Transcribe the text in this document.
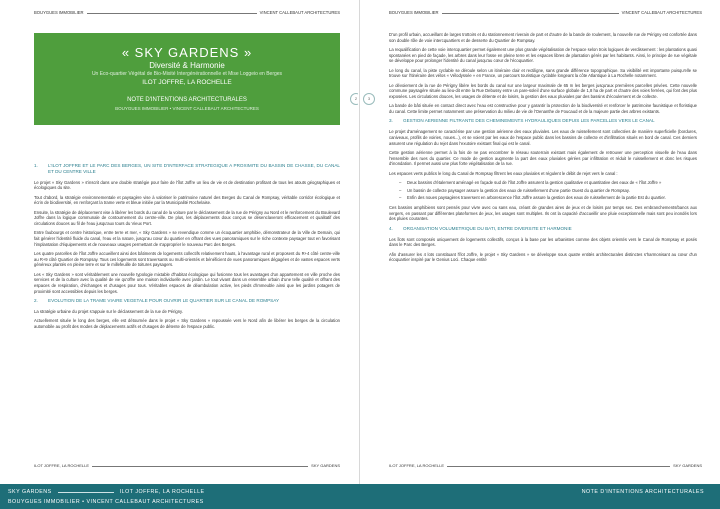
BOUYGUES IMMOBILIER	VINCENT CALLEBAUT ARCHITECTURES
« SKY GARDENS »
Diversité & Harmonie
Un Eco-quartier Végétal de Bio-Mixité Intergénérationnelle et Mise Loggeio en Berges
ILOT JOFFRE, LA ROCHELLE
NOTE D'INTENTIONS ARCHITECTURALES
BOUYGUES IMMOBILIER • VINCENT CALLEBAUT ARCHITECTURES
2
1.	L'ILOT JOFFRE ET LE PARC DES BERGES, UN SITE D'INTERFACE STRATEGIQUE A PROXIMITE DU BASSIN DE CHASSE, DU CANAL ET DU CENTRE VILLE

Le projet « Sky Gardens » s'inscrit dans une double stratégie pour faire de l'îlot Joffre un lieu de vie et de destination profitant de tous les atouts géographiques et écologiques du site.

Tout d'abord, la stratégie environnementale et paysagère vise à valoriser le patrimoine naturel des Berges du Canal de Rompsay, véritable corridor écologique et écrin de biodiversité, en renforçant la trame verte et bleue initiée par la Municipalité Rochelaise.

Ensuite, la stratégie de déplacement vise à libérer les bords du canal de la voiture par le déclassement de la rue de Périgny au Nord et le renforcement du Boulevard Joffre dans la logique communale de contournement du centre-ville. De plus, les déplacements doux conçus se désenclaveront efficacement et qualitatif des circulations douces au fil de l'eau jusqu'aux tours du Vieux Port.

Entre faubourgs et centre historique, entre terre et mer, « Sky Gardens » se revendique comme un écoquartier amphibie, démonstrateur de la Ville de Demain, qui fait générer l'identité fluide du canal, l'eau et la nature, jusqu'au cœur du quartier en offrant des vues panoramiques sur le riche contexte paysager tout en favorisant l'implantation d'équipements et de nouveaux usages permettant de s'approprier le nouveau Parc des Berges.

Les quatre parcelles de l'îlot Joffre accueillent ainsi des bâtiments de logements collectifs relativement hauts, à l'avantage rural et proposent du R+4 côté centre-ville au R+9 côté Quartier de Rompsay. Tous ces logements sont traversants ou multi-orientés et bénéficient de vues panoramiques dégagées et de vastes espaces verts généreux plantés en pleine terre et sur le millefeuille de toitures paysagers.

Les « Sky Gardens » sont véritablement une nouvelle typologie mixtable d'habitat écologique qui fusionne tous les avantages d'un appartement en ville proche des services et de la culture avec la qualité de vie qu'offre une maison individuelle avec jardin. Le tout vivant dans un ensemble urbain d'une telle qualité et offrant des espaces de respiration, d'échanges et d'usages pour tous. Véritables espaces de déambulation active, les pieds d'immeuble ainsi que les jardins potagers de proximité sont accessibles depuis les berges.

2.	EVOLUTION DE LA TRAME VIAIRE VEGETALE POUR OUVRIR LE QUARTIER SUR LE CANAL DE ROMPSAY

La stratégie urbaine du projet s'appuie sur le déclassement de la rue de Périgny.

Actuellement située le long des berges, elle est détournée dans le projet « Sky Gardens » repoussée vers le Nord afin de libérer les berges de la circulation automobile au profit des modes de déplacements actifs et d'usages de détente de l'espace public.

ILOT JOFFRE, LA ROCHELLE	SKY GARDENS
BOUYGUES IMMOBILIER	VINCENT CALLEBAUT ARCHITECTURES
3

D'un profil urbain, accueillant de larges trottoirs et du stationnement riverain de part et d'autre de la bande de roulement, la nouvelle rue de Périgny est confortée dans son double rôle de voie intercquartiers et de desserte du Quartier de Rompsay.

La requalification de cette voie intercquartier permet également une plus grande végétalisation de l'espace selon trois logiques de verdissement : les plantations quasi spontanées en pied de façade, les arbres dans leur fosse en pleine terre et les espaces libres de plantation gérés par les habitants. Ainsi, le principe de rue végétale se développe pour prolonger l'identité du canal jusqu'au cœur de l'écoquartier.

Le long du canal, la piste cyclable se déroule selon un itinéraire clair et rectiligne, sans grande différence topographique. Sa visibilité est importante puisqu'elle se trouve sur l'itinéraire des vélos « Vélodyssée » en France, un parcours touristique cyclable longeant la côte Atlantique à La Rochelle notamment.

Le dévoiement de la rue de Périgny libère les bords du canal sur une largeur maximale de 65 m les berges jusqu'aux premières parcelles privées. Cette nouvelle commune paysagère située au lieu-dit entre la Rue Debussy entre un pare-soleil d'une surface globale de 1,8 ha de part et d'autre des voies ferrées, qui font des plus exposées. Les circulations douces, les usages de détente et de loisirs, la gestion des eaux pluviales par des bassins d'écoulement et de collecte.

La bande de bâti située en contact direct avec l'eau est constructive pour y garantir la protection de la biodiversité et renforcer le patrimoine faunistique et floristique du canal. Cette limite permet notamment une préservation du milieu de vie de l'Oenanthe de Foucaud et de la majeure partie des arbres existants.

3.	GESTION AERIENNE FILTRANTE DES CHEMINEMENTS HYDRAULIQUES DEPUIS LES PARCELLES VERS LE CANAL

Le projet d'aménagement se caractérise par une gestion aérienne des eaux pluviales. Les eaux de ruissellement sont collectées de manière superficielle (bordures, caniveaux, profils de voiries, noues...), et se voient par les eaux de l'espace public dans les bassins de collecte et d'infiltration situés en bord de canal. Ces derniers assurent une régulation du rejet dans l'exutoire existant final qui est le canal.

Cette gestion aérienne permet à la fois de ne pas encombrer le réseau souterrain existant mais également de retrouver une perception visuelle de l'eau dans l'ensemble des rues du quartier. Ce mode de gestion augmente la part des eaux pluviales gérées par infiltration et réduit le ruissellement et donc les risques d'inondation. Il permet aussi une plus forte végétalisation de la rue.

Les espaces verts publics le long du Canal de Rompsay filtrent les eaux pluviales et régulent le débit de rejet vers le canal :

–	Deux bassins d'étalement aménagé en façade sud de l'îlot Joffre assurent la gestion qualitative et quantitative des eaux de « l'îlot Joffre »
–	Un bassin de collecte paysager assure la gestion des eaux de ruissellement d'une partie Ouest du quartier de Rompsay.
–	Enfin des noues paysagères traversent en arborescence l'îlot Joffre assure la gestion des eaux de ruissellement de la partie Est du quartier.

Ces bassins amphibiens sont pensés pour vivre avec ou sans eau, créant de grandes aires de jeux et de loisirs par temps sec. Des embranchements/bancs aux vergers, en passant par différentes plateformes de jeux, les usages sont multiples. Ils ont la capacité d'accueillir une pluie exceptionnelle mais sont peu inondés lors des pluies courantes.

4.	ORGANISATION VOLUMETRIQUE DU BATI, ENTRE DIVERSITE ET HARMONIE

Les îlots sont composés uniquement de logements collectifs, conçus à la base par les urbanistes comme des objets orientés vers le Canal de Rompsay et posés dans le Parc des Berges.

Afin d'assurer les 4 lots constituant l'îlot Joffre, le projet « Sky Gardens » se développe sous quatre entités architecturales distinctes s'harmonisant au cœur d'un écoquartier inspiré par le Genius Loci. Chaque entité

ILOT JOFFRE, LA ROCHELLE	SKY GARDENS
SKY GARDENS	ILOT JOFFRE, LA ROCHELLE
BOUYGUES IMMOBILIER • VINCENT CALLEBAUT ARCHITECTURES
NOTE D'INTENTIONS ARCHITECTURALES
